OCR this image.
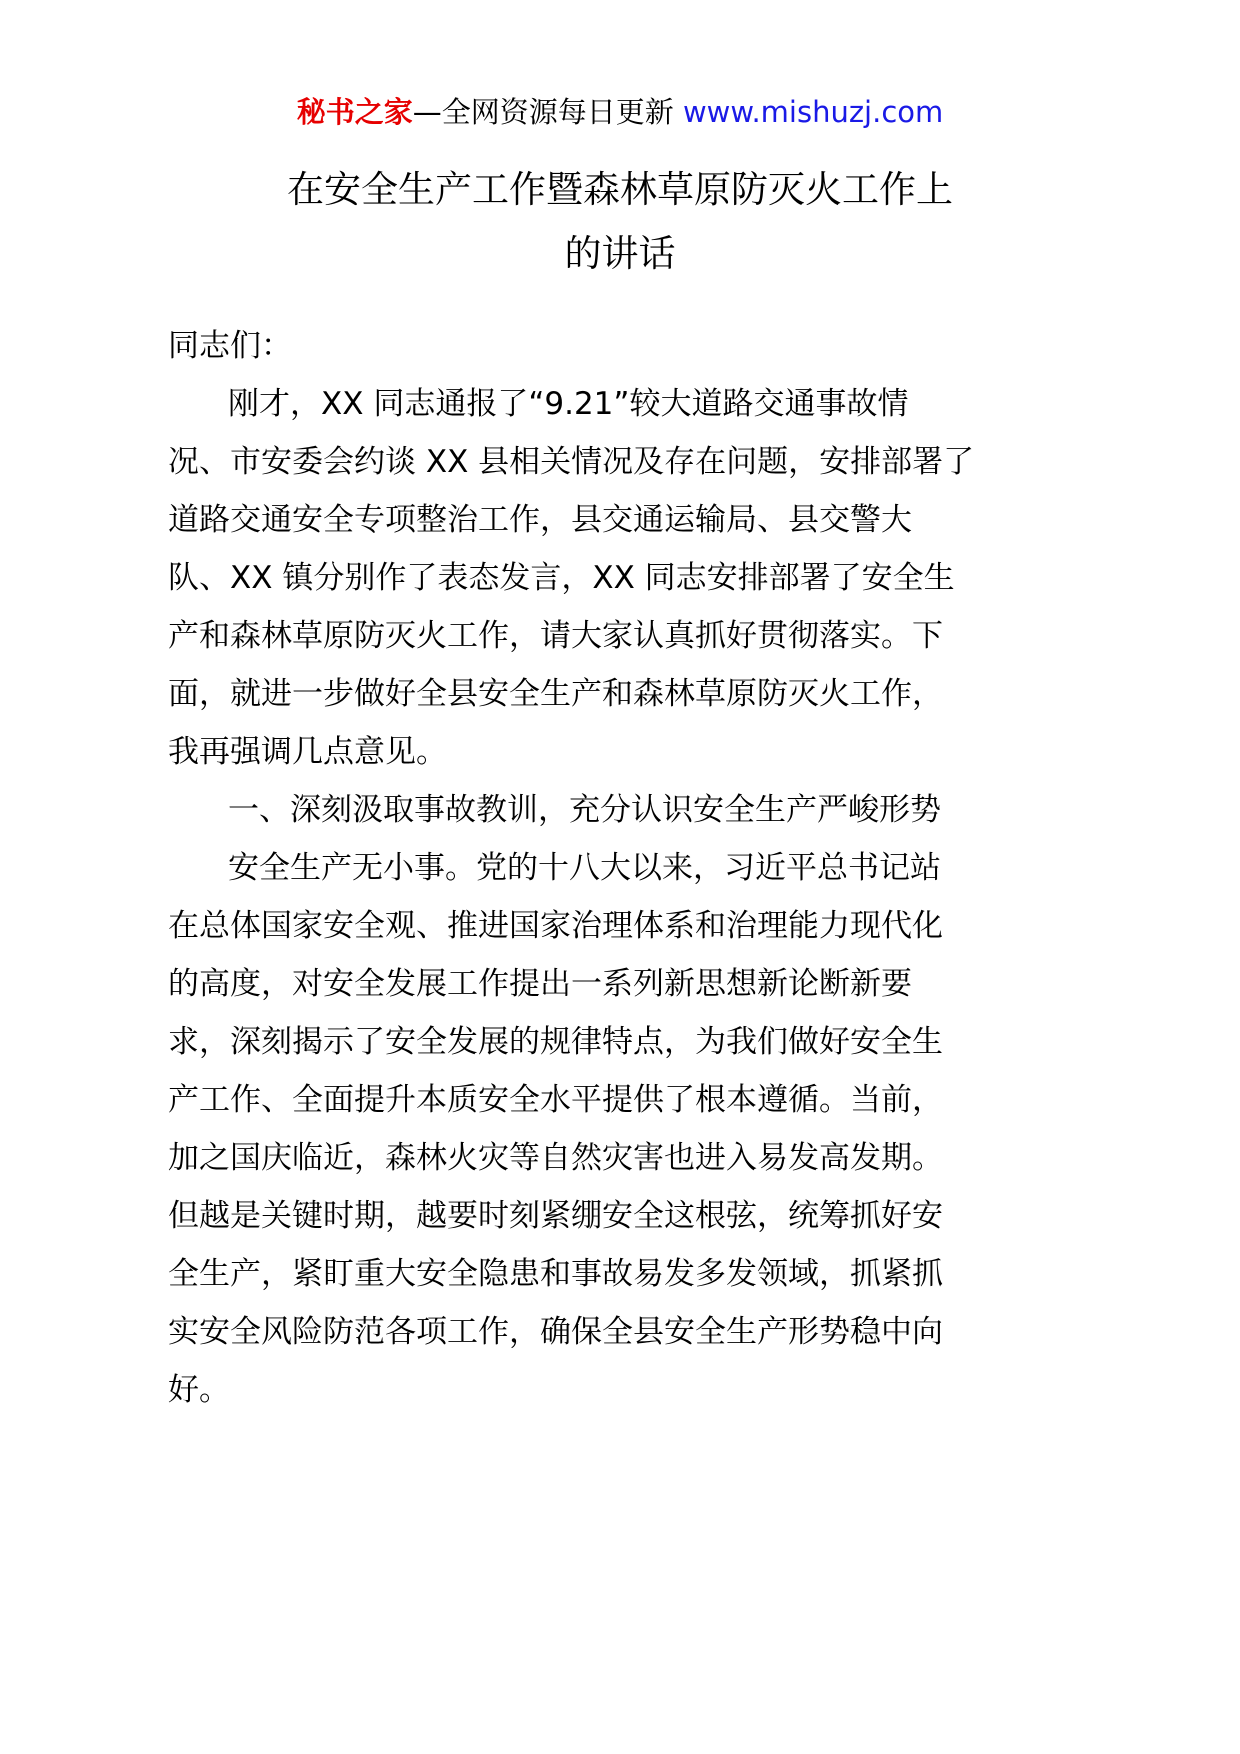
秘书之家—全网资源每日更新 www.mishuzj.com
在安全生产工作暨森林草原防灭火工作上
的讲话
同志们：
刚才，XX 同志通报了“9.21”较大道路交通事故情
况、市安委会约谈 XX 县相关情况及存在问题，安排部署了
道路交通安全专项整治工作，县交通运输局、县交警大
队、XX 镇分别作了表态发言，XX 同志安排部署了安全生
产和森林草原防灭火工作，请大家认真抓好贯彻落实。下
面，就进一步做好全县安全生产和森林草原防灭火工作，
我再强调几点意见。
一、深刻汲取事故教训，充分认识安全生产严峻形势
安全生产无小事。党的十八大以来，习近平总书记站
在总体国家安全观、推进国家治理体系和治理能力现代化
的高度，对安全发展工作提出一系列新思想新论断新要
求，深刻揭示了安全发展的规律特点，为我们做好安全生
产工作、全面提升本质安全水平提供了根本遵循。当前，
加之国庆临近，森林火灾等自然灾害也进入易发高发期。
但越是关键时期，越要时刻紧绷安全这根弦，统筹抓好安
全生产，紧盯重大安全隐患和事故易发多发领域，抓紧抓
实安全风险防范各项工作，确保全县安全生产形势稳中向
好。
